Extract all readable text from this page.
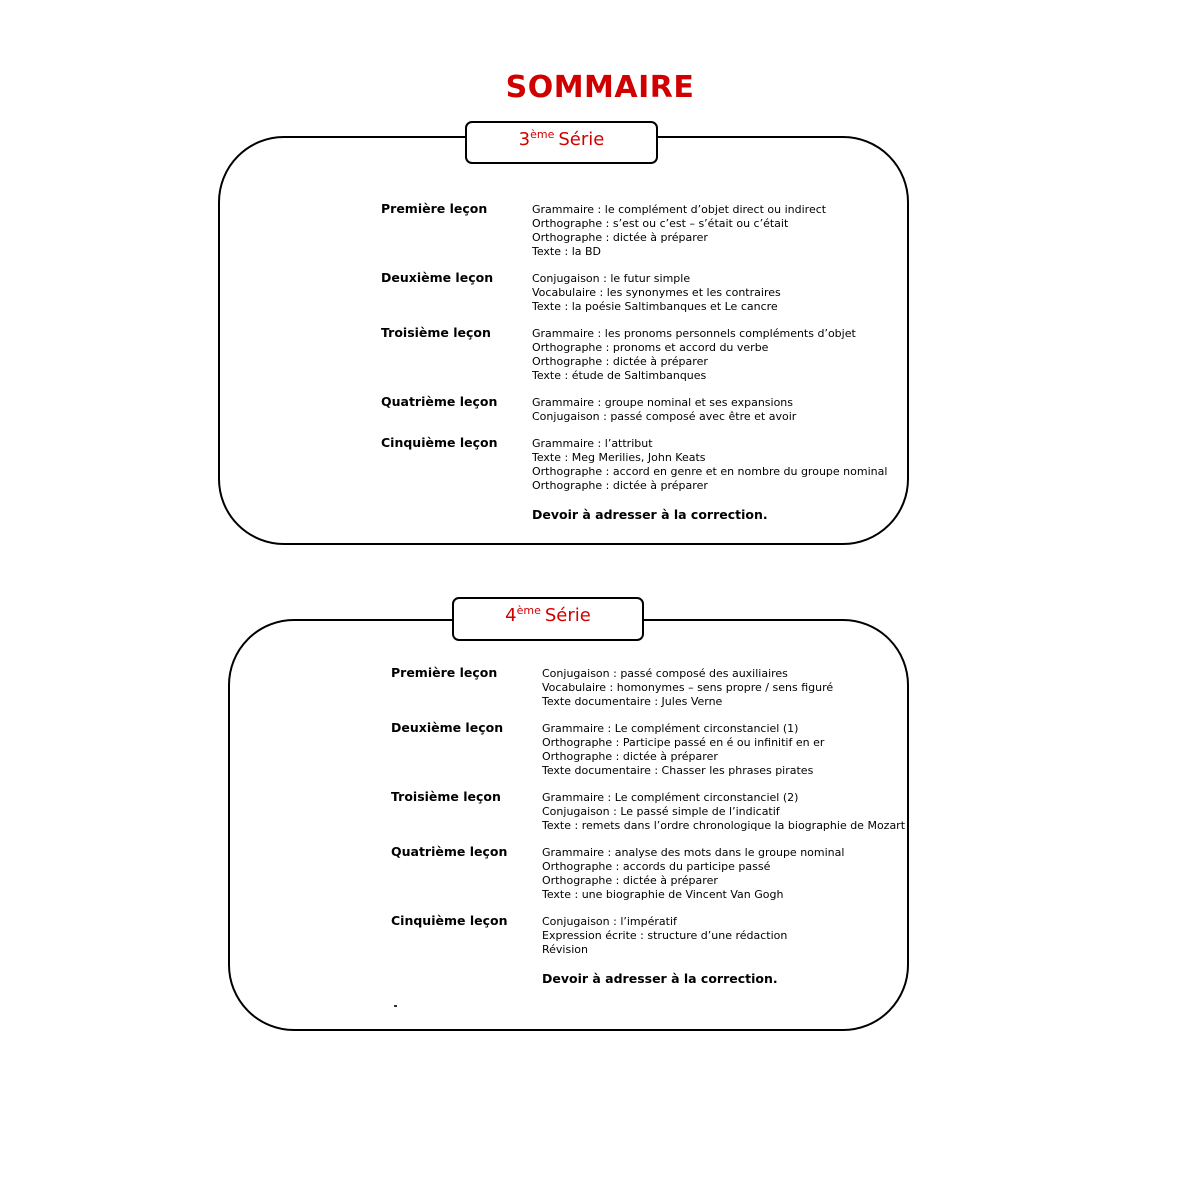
SOMMAIRE
3ème Série
Première leçon	Grammaire : le complément d’objet direct ou indirect
Orthographe : s’est ou c’est – s’était ou c’était
Orthographe : dictée à préparer
Texte : la BD
Deuxième leçon	Conjugaison : le futur simple
Vocabulaire : les synonymes et les contraires
Texte : la poésie Saltimbanques et Le cancre
Troisième leçon	Grammaire : les pronoms personnels compléments d’objet
Orthographe : pronoms et accord du verbe
Orthographe : dictée à préparer
Texte : étude de Saltimbanques
Quatrième leçon	Grammaire : groupe nominal et ses expansions
Conjugaison : passé composé avec être et avoir
Cinquième leçon	Grammaire : l’attribut
Texte : Meg Merilies, John Keats
Orthographe : accord en genre et en nombre du groupe nominal
Orthographe : dictée à préparer
Devoir à adresser à la correction.
4ème Série
Première leçon	Conjugaison : passé composé des auxiliaires
Vocabulaire : homonymes – sens propre / sens figuré
Texte documentaire : Jules Verne
Deuxième leçon	Grammaire : Le complément circonstanciel (1)
Orthographe : Participe passé en é ou infinitif en er
Orthographe : dictée à préparer
Texte documentaire : Chasser les phrases pirates
Troisième leçon	Grammaire : Le complément circonstanciel (2)
Conjugaison : Le passé simple de l’indicatif
Texte : remets dans l’ordre chronologique la biographie de Mozart
Quatrième leçon	Grammaire : analyse des mots dans le groupe nominal
Orthographe : accords du participe passé
Orthographe : dictée à préparer
Texte : une biographie de Vincent Van Gogh
Cinquième leçon	Conjugaison : l’impératif
Expression écrite : structure d’une rédaction
Révision
Devoir à adresser à la correction.
